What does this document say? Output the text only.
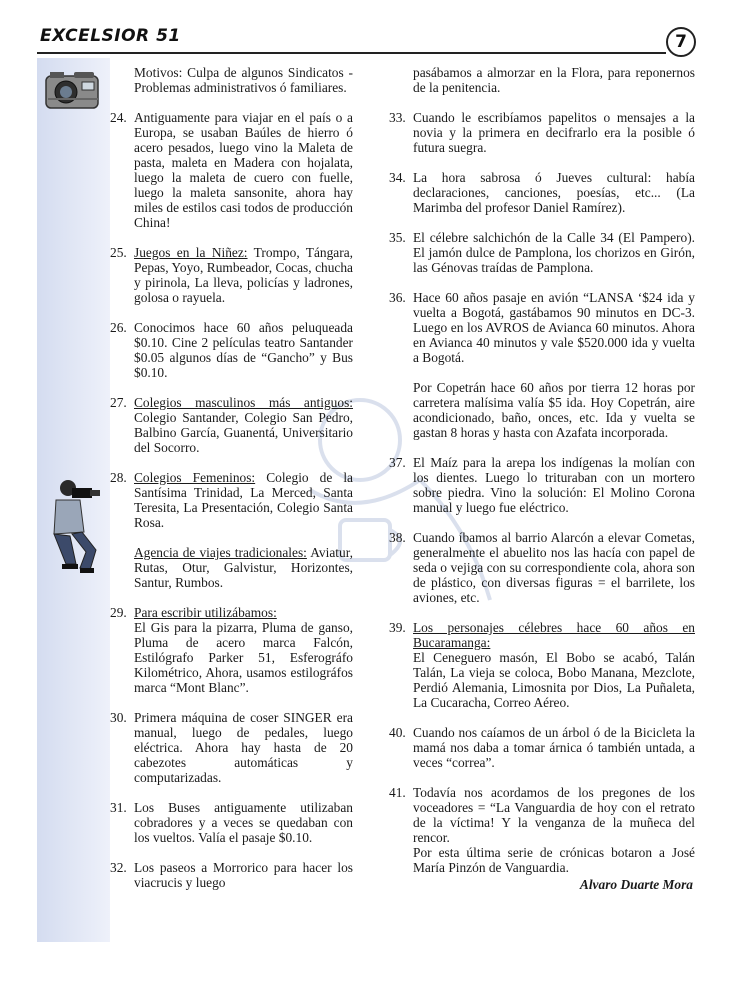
EXCELSIOR 51	7

Motivos: Culpa de algunos Sindicatos - Problemas administrativos ó familiares.

24. Antiguamente para viajar en el país o a Europa, se usaban Baúles de hierro ó acero pesados, luego vino la Maleta de pasta, maleta en Madera con hojalata, luego la maleta de cuero con fuelle, luego la maleta sansonite, ahora hay miles de estilos casi todos de producción China!

25. Juegos en la Niñez: Trompo, Tángara, Pepas, Yoyo, Rumbeador, Cocas, chucha y pirinola, La lleva, policías y ladrones, golosa o rayuela.

26. Conocimos hace 60 años peluqueada $0.10. Cine 2 películas teatro Santander $0.05 algunos días de “Gancho” y Bus $0.10.

27. Colegios masculinos más antiguos: Colegio Santander, Colegio San Pedro, Balbino García, Guanentá, Universitario del Socorro.

28. Colegios Femeninos: Colegio de la Santísima Trinidad, La Merced, Santa Teresita, La Presentación, Colegio Santa Rosa.

Agencia de viajes tradicionales: Aviatur, Rutas, Otur, Galvistur, Horizontes, Santur, Rumbos.

29. Para escribir utilizábamos:
El Gis para la pizarra, Pluma de ganso, Pluma de acero marca Falcón, Estilógrafo Parker 51, Esferográfo Kilométrico, Ahora, usamos estilográfos marca “Mont Blanc”.

30. Primera máquina de coser SINGER era manual, luego de pedales, luego eléctrica. Ahora hay hasta de 20 cabezotes automáticas y computarizadas.

31. Los Buses antiguamente utilizaban cobradores y a veces se quedaban con los vueltos. Valía el pasaje $0.10.

32. Los paseos a Morrorico para hacer los viacrucis y luego

pasábamos a almorzar en la Flora, para reponernos de la penitencia.

33. Cuando le escribíamos papelitos o mensajes a la novia y la primera en decifrarlo era la posible ó futura suegra.

34. La hora sabrosa ó Jueves cultural: había declaraciones, canciones, poesías, etc... (La Marimba del profesor Daniel Ramírez).

35. El célebre salchichón de la Calle 34 (El Pampero). El jamón dulce de Pamplona, los chorizos en Girón, las Génovas traídas de Pamplona.

36. Hace 60 años pasaje en avión “LANSA ‘$24 ida y vuelta a Bogotá, gastábamos 90 minutos en DC-3. Luego en los AVROS de Avianca 60 minutos. Ahora en Avianca 40 minutos y vale $520.000 ida y vuelta a Bogotá.

Por Copetrán hace 60 años por tierra 12 horas por carretera malísima valía $5 ida. Hoy Copetrán, aire acondicionado, baño, onces, etc. Ida y vuelta se gastan 8 horas y hasta con Azafata incorporada.

37. El Maíz para la arepa los indígenas la molían con los dientes. Luego lo trituraban con un mortero sobre piedra. Vino la solución: El Molino Corona manual y luego fue eléctrico.

38. Cuando íbamos al barrio Alarcón a elevar Cometas, generalmente el abuelito nos las hacía con papel de seda o vejiga con su correspondiente cola, ahora son de plástico, con diversas figuras = el barrilete, los aviones, etc.

39. Los personajes célebres hace 60 años en Bucaramanga:
El Ceneguero masón, El Bobo se acabó, Talán Talán, La vieja se coloca, Bobo Manana, Mezclote, Perdió Alemania, Limosnita por Dios, La Puñaleta, La Cucaracha, Correo Aéreo.

40. Cuando nos caíamos de un árbol ó de la Bicicleta la mamá nos daba a tomar árnica ó también untada, a veces “correa”.

41. Todavía nos acordamos de los pregones de los voceadores = “La Vanguardia de hoy con el retrato de la víctima! Y la venganza de la muñeca del rencor.

Por esta última serie de crónicas botaron a José María Pinzón de Vanguardia.

Alvaro Duarte Mora
